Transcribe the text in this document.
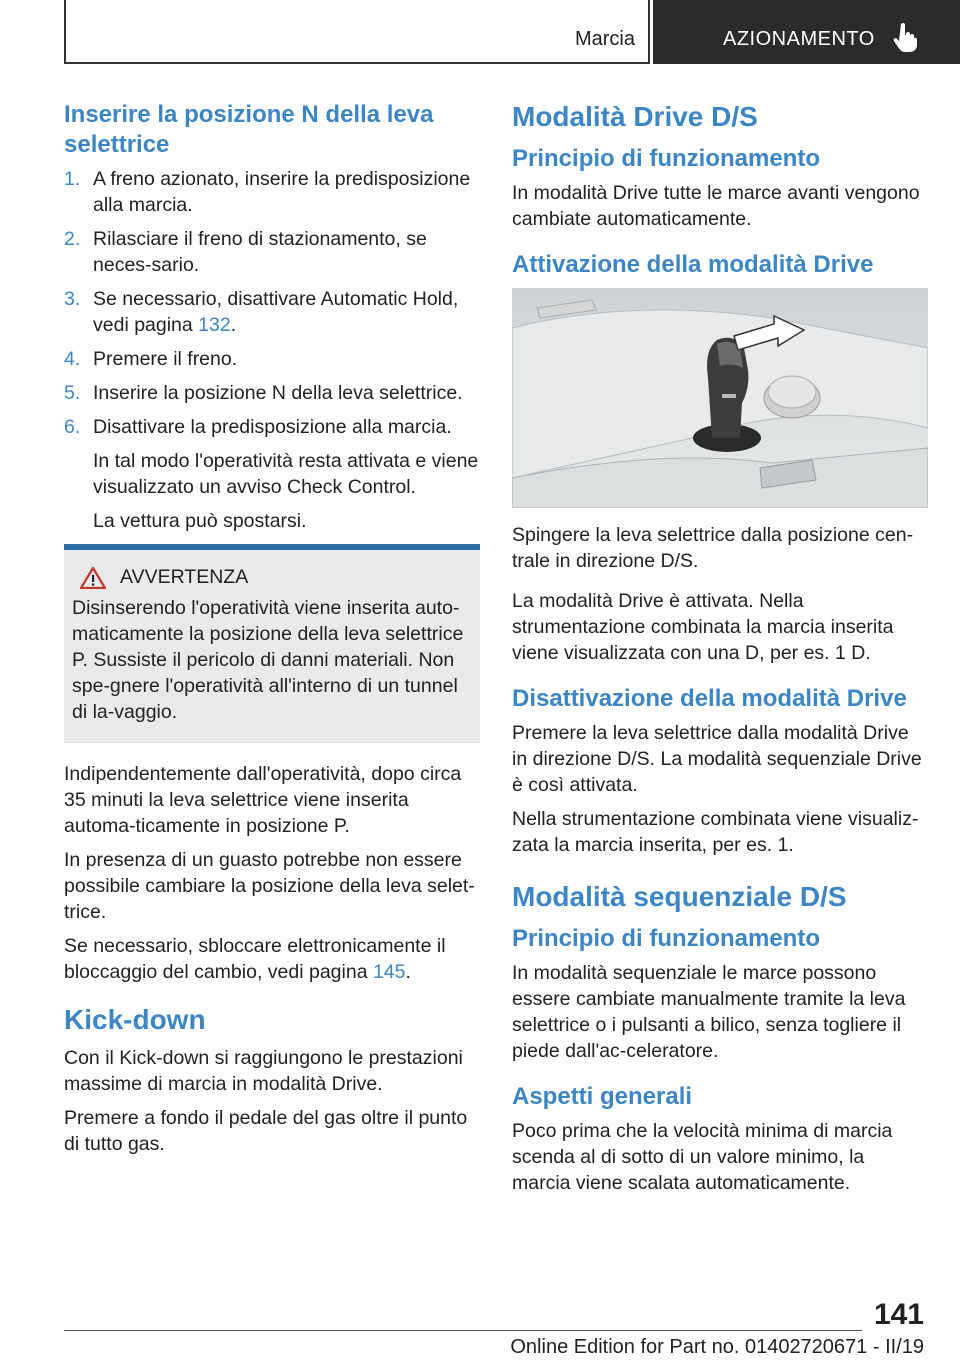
Marcia	AZIONAMENTO
Inserire la posizione N della leva selettrice
1. A freno azionato, inserire la predisposizione alla marcia.
2. Rilasciare il freno di stazionamento, se neces-sario.
3. Se necessario, disattivare Automatic Hold, vedi pagina 132.
4. Premere il freno.
5. Inserire la posizione N della leva selettrice.
6. Disattivare la predisposizione alla marcia.

In tal modo l'operatività resta attivata e viene visualizzato un avviso Check Control.

La vettura può spostarsi.

AVVERTENZA

Disinserendo l'operatività viene inserita auto-maticamente la posizione della leva selettrice P. Sussiste il pericolo di danni materiali. Non spe-gnere l'operatività all'interno di un tunnel di la-vaggio.

Indipendentemente dall'operatività, dopo circa 35 minuti la leva selettrice viene inserita automa-ticamente in posizione P.

In presenza di un guasto potrebbe non essere possibile cambiare la posizione della leva selet-trice.

Se necessario, sbloccare elettronicamente il bloccaggio del cambio, vedi pagina 145.

Kick-down

Con il Kick-down si raggiungono le prestazioni massime di marcia in modalità Drive.

Premere a fondo il pedale del gas oltre il punto di tutto gas.

Modalità Drive D/S
Principio di funzionamento

In modalità Drive tutte le marce avanti vengono cambiate automaticamente.

Attivazione della modalità Drive

Spingere la leva selettrice dalla posizione cen-trale in direzione D/S.

La modalità Drive è attivata. Nella strumentazione combinata la marcia inserita viene visualizzata con una D, per es. 1 D.

Disattivazione della modalità Drive

Premere la leva selettrice dalla modalità Drive in direzione D/S. La modalità sequenziale Drive è così attivata.

Nella strumentazione combinata viene visualiz-zata la marcia inserita, per es. 1.

Modalità sequenziale D/S
Principio di funzionamento

In modalità sequenziale le marce possono essere cambiate manualmente tramite la leva selettrice o i pulsanti a bilico, senza togliere il piede dall'ac-celeratore.

Aspetti generali

Poco prima che la velocità minima di marcia scenda al di sotto di un valore minimo, la marcia viene scalata automaticamente.

141
Online Edition for Part no. 01402720671 - II/19
